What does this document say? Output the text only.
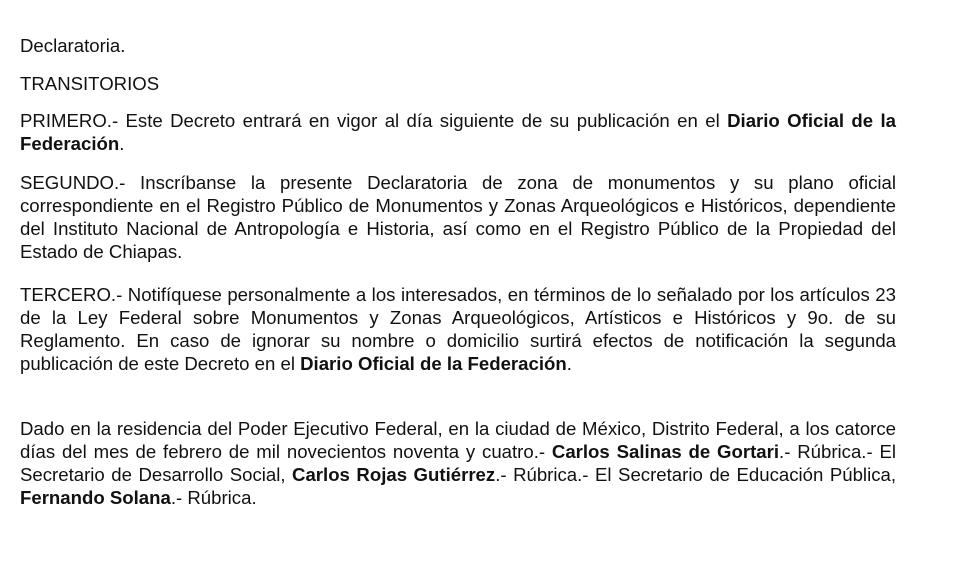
Declaratoria.

TRANSITORIOS

PRIMERO.- Este Decreto entrará en vigor al día siguiente de su publicación en el Diario Oficial de la Federación.

SEGUNDO.- Inscríbanse la presente Declaratoria de zona de monumentos y su plano oficial correspondiente en el Registro Público de Monumentos y Zonas Arqueológicos e Históricos, dependiente del Instituto Nacional de Antropología e Historia, así como en el Registro Público de la Propiedad del Estado de Chiapas.

TERCERO.- Notifíquese personalmente a los interesados, en términos de lo señalado por los artículos 23 de la Ley Federal sobre Monumentos y Zonas Arqueológicos, Artísticos e Históricos y 9o. de su Reglamento. En caso de ignorar su nombre o domicilio surtirá efectos de notificación la segunda publicación de este Decreto en el Diario Oficial de la Federación.

Dado en la residencia del Poder Ejecutivo Federal, en la ciudad de México, Distrito Federal, a los catorce días del mes de febrero de mil novecientos noventa y cuatro.- Carlos Salinas de Gortari.- Rúbrica.- El Secretario de Desarrollo Social, Carlos Rojas Gutiérrez.- Rúbrica.- El Secretario de Educación Pública, Fernando Solana.- Rúbrica.
